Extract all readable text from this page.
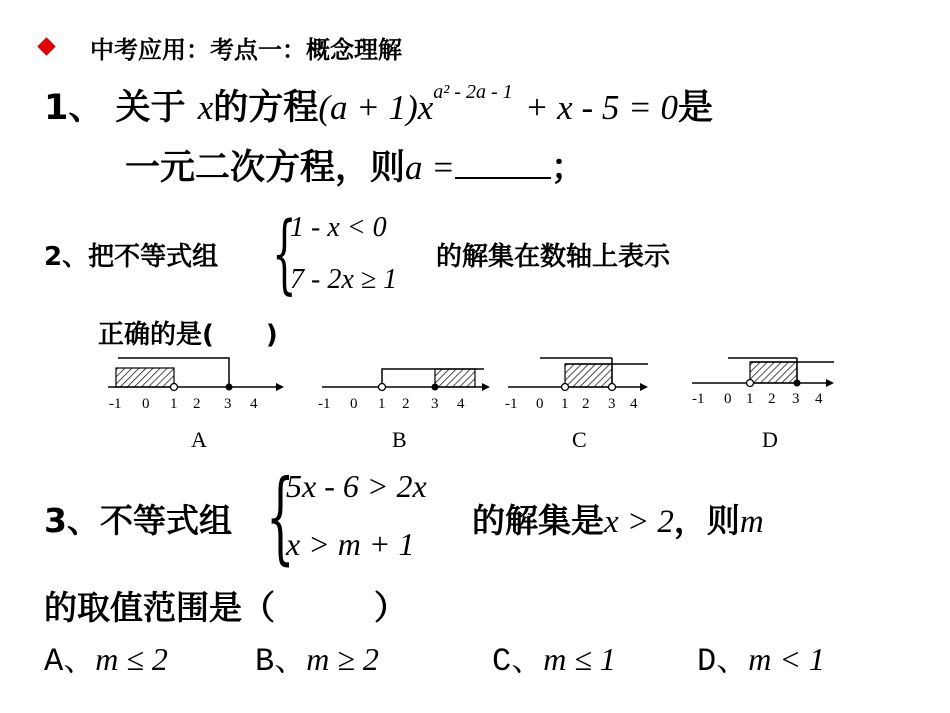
中考应用：考点一：概念理解
1、 关于 x的方程$(a + 1)x^{a^2 - 2a - 1} + x - 5 = 0$是
一元二次方程，则a =	；
2、把不等式组 {
1 - x < 0
7 - 2x ≥ 1
的解集在数轴上表示
正确的是(　　)
-1 0 1 2 3 4
A
-1 0 1 2 3 4
B
-1 0 1 2 3 4
C
-1 0 1 2 3 4
D
3、不等式组 {
5x - 6 > 2x
x > m + 1
的解集是x > 2，则m
的取值范围是（　　　）
A、m ≤ 2	B、m ≥ 2	C、m ≤ 1	D、m < 1
